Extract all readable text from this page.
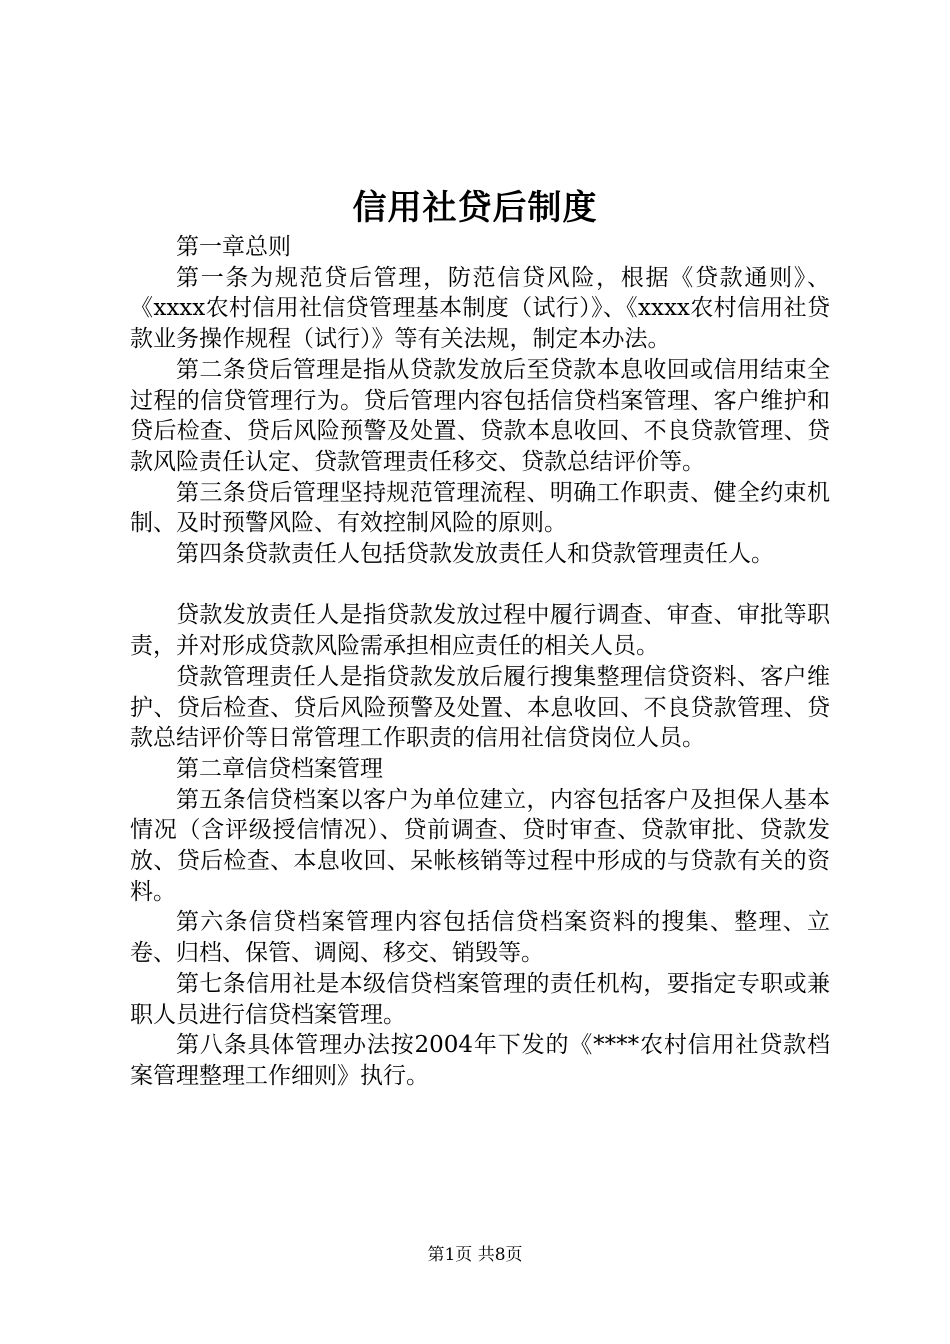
信用社贷后制度

第一章总则

第一条为规范贷后管理，防范信贷风险，根据《贷款通则》、《xxxx农村信用社信贷管理基本制度（试行）》、《xxxx农村信用社贷款业务操作规程（试行）》等有关法规，制定本办法。

第二条贷后管理是指从贷款发放后至贷款本息收回或信用结束全过程的信贷管理行为。贷后管理内容包括信贷档案管理、客户维护和贷后检查、贷后风险预警及处置、贷款本息收回、不良贷款管理、贷款风险责任认定、贷款管理责任移交、贷款总结评价等。

第三条贷后管理坚持规范管理流程、明确工作职责、健全约束机制、及时预警风险、有效控制风险的原则。

第四条贷款责任人包括贷款发放责任人和贷款管理责任人。

贷款发放责任人是指贷款发放过程中履行调查、审查、审批等职责，并对形成贷款风险需承担相应责任的相关人员。

贷款管理责任人是指贷款发放后履行搜集整理信贷资料、客户维护、贷后检查、贷后风险预警及处置、本息收回、不良贷款管理、贷款总结评价等日常管理工作职责的信用社信贷岗位人员。

第二章信贷档案管理

第五条信贷档案以客户为单位建立，内容包括客户及担保人基本情况（含评级授信情况）、贷前调查、贷时审查、贷款审批、贷款发放、贷后检查、本息收回、呆帐核销等过程中形成的与贷款有关的资料。

第六条信贷档案管理内容包括信贷档案资料的搜集、整理、立卷、归档、保管、调阅、移交、销毁等。

第七条信用社是本级信贷档案管理的责任机构，要指定专职或兼职人员进行信贷档案管理。

第八条具体管理办法按2004年下发的《****农村信用社贷款档案管理整理工作细则》执行。

第1页 共8页
